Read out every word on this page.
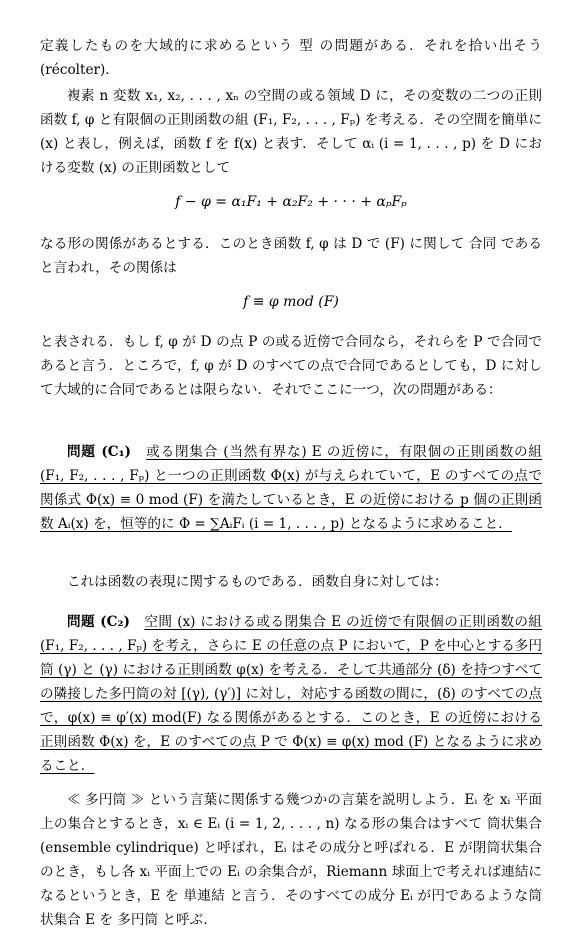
定義したものを大域的に求めるという 型 の問題がある．それを拾い出そう (récolter)．

複素 n 変数 x₁, x₂, . . . , xₙ の空間の或る領域 D に，その変数の二つの正則函数 f, φ と有限個の正則函数の組 (F₁, F₂, . . . , Fₚ) を考える．その空間を簡単に (x) と表し，例えば，函数 f を f(x) と表す．そして αᵢ (i = 1, . . . , p) を D における変数 (x) の正則函数として

f − φ = α₁F₁ + α₂F₂ + · · · + αₚFₚ

なる形の関係があるとする．このとき函数 f, φ は D で (F) に関して 合同 であると言われ，その関係は

f ≡ φ mod (F)

と表される．もし f, φ が D の点 P の或る近傍で合同なら，それらを P で合同であると言う．ところで，f, φ が D のすべての点で合同であるとしても，D に対して大域的に合同であるとは限らない．それでここに一つ，次の問題がある：

問題 (C₁)　 或る閉集合 (当然有界な) E の近傍に，有限個の正則函数の組 (F₁, F₂, . . . , Fₚ) と一つの正則函数 Φ(x) が与えられていて，E のすべての点で関係式 Φ(x) ≡ 0 mod (F) を満たしているとき，E の近傍における p 個の正則函数 Aᵢ(x) を，恒等的に Φ = ∑AᵢFᵢ (i = 1, . . . , p) となるように求めること．

これは函数の表現に関するものである．函数自身に対しては：

問題 (C₂)　 空間 (x) における或る閉集合 E の近傍で有限個の正則函数の組 (F₁, F₂, . . . , Fₚ) を考え，さらに E の任意の点 P において，P を中心とする多円筒 (γ) と (γ) における正則函数 φ(x) を考える．そして共通部分 (δ) を持つすべての隣接した多円筒の対 [(γ), (γ′)] に対し，対応する函数の間に，(δ) のすべての点で，φ(x) ≡ φ′(x) mod(F) なる関係があるとする．このとき，E の近傍における正則函数 Φ(x) を，E のすべての点 P で Φ(x) ≡ φ(x) mod (F) となるように求めること．

≪ 多円筒 ≫ という言葉に関係する幾つかの言葉を説明しよう．Eᵢ を xᵢ 平面上の集合とするとき，xᵢ ∈ Eᵢ (i = 1, 2, . . . , n) なる形の集合はすべて 筒状集合 (ensemble cylindrique) と呼ばれ，Eᵢ はその成分と呼ばれる．E が閉筒状集合のとき，もし各 xᵢ 平面上での Eᵢ の余集合が，Riemann 球面上で考えれば連結になるというとき，E を 単連結 と言う．そのすべての成分 Eᵢ が円であるような筒状集合 E を 多円筒 と呼ぶ．
